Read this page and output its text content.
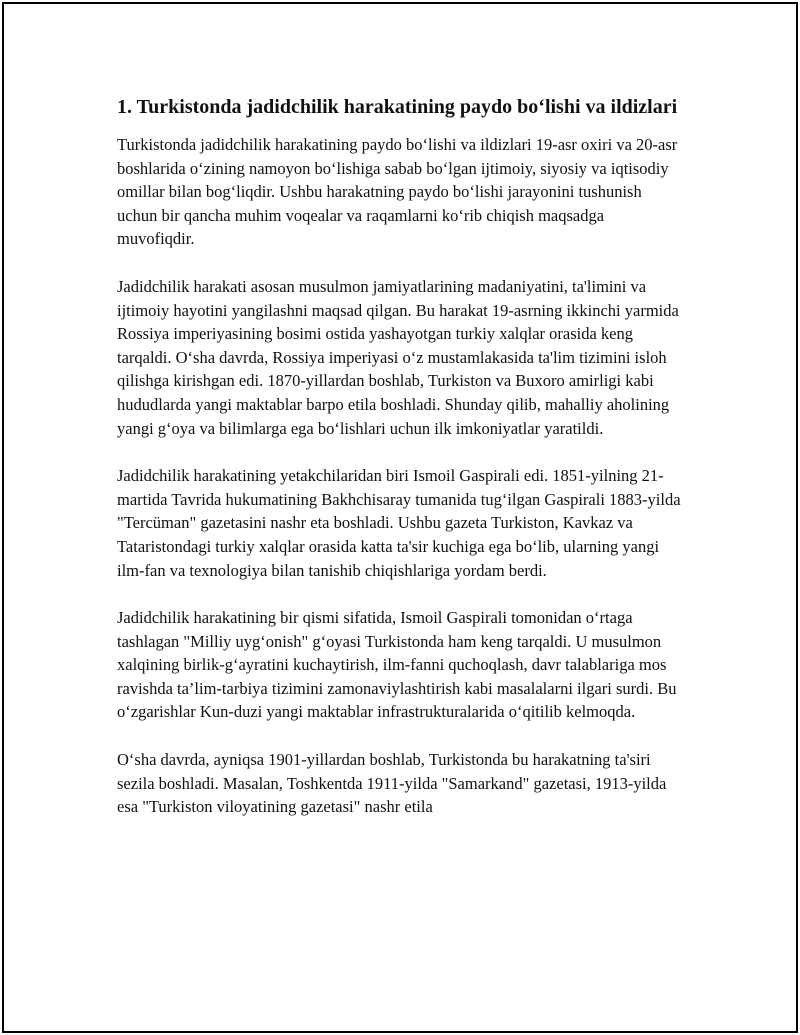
1. Turkistonda jadidchilik harakatining paydo bo‘lishi va ildizlari

Turkistonda jadidchilik harakatining paydo bo‘lishi va ildizlari 19-asr oxiri va 20-asr boshlarida o‘zining namoyon bo‘lishiga sabab bo‘lgan ijtimoiy, siyosiy va iqtisodiy omillar bilan bog‘liqdir. Ushbu harakatning paydo bo‘lishi jarayonini tushunish uchun bir qancha muhim voqealar va raqamlarni ko‘rib chiqish maqsadga muvofiqdir.

Jadidchilik harakati asosan musulmon jamiyatlarining madaniyatini, ta'limini va ijtimoiy hayotini yangilashni maqsad qilgan. Bu harakat 19-asrning ikkinchi yarmida Rossiya imperiyasining bosimi ostida yashayotgan turkiy xalqlar orasida keng tarqaldi. O‘sha davrda, Rossiya imperiyasi o‘z mustamlakasida ta'lim tizimini isloh qilishga kirishgan edi. 1870-yillardan boshlab, Turkiston va Buxoro amirligi kabi hududlarda yangi maktablar barpo etila boshladi. Shunday qilib, mahalliy aholining yangi g‘oya va bilimlarga ega bo‘lishlari uchun ilk imkoniyatlar yaratildi.

Jadidchilik harakatining yetakchilaridan biri Ismoil Gaspirali edi. 1851-yilning 21-martida Tavrida hukumatining Bakhchisaray tumanida tug‘ilgan Gaspirali 1883-yilda "Tercüman" gazetasini nashr eta boshladi. Ushbu gazeta Turkiston, Kavkaz va Tataristondagi turkiy xalqlar orasida katta ta'sir kuchiga ega bo‘lib, ularning yangi ilm-fan va texnologiya bilan tanishib chiqishlariga yordam berdi.

Jadidchilik harakatining bir qismi sifatida, Ismoil Gaspirali tomonidan o‘rtaga tashlagan "Milliy uyg‘onish" g‘oyasi Turkistonda ham keng tarqaldi. U musulmon xalqining birlik-g‘ayratini kuchaytirish, ilm-fanni quchoqlash, davr talablariga mos ravishda ta’lim-tarbiya tizimini zamonaviylashtirish kabi masalalarni ilgari surdi. Bu o‘zgarishlar Kun-duzi yangi maktablar infrastrukturalarida o‘qitilib kelmoqda.

O‘sha davrda, ayniqsa 1901-yillardan boshlab, Turkistonda bu harakatning ta'siri sezila boshladi. Masalan, Toshkentda 1911-yilda "Samarkand" gazetasi, 1913-yilda esa "Turkiston viloyatining gazetasi" nashr etila
